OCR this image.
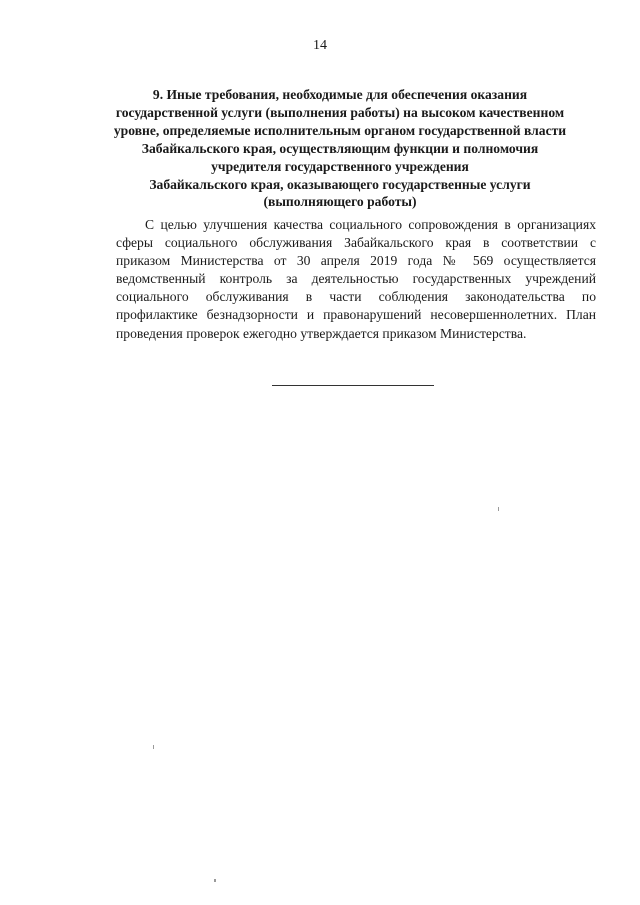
14
9. Иные требования, необходимые для обеспечения оказания
государственной услуги (выполнения работы) на высоком качественном
уровне, определяемые исполнительным органом государственной власти
Забайкальского края, осуществляющим функции и полномочия
учредителя государственного учреждения
Забайкальского края, оказывающего государственные услуги
(выполняющего работы)
С целью улучшения качества социального сопровождения в организациях
сферы социального обслуживания Забайкальского края в соответствии с
приказом Министерства от 30 апреля 2019 года № 569 осуществляется
ведомственный контроль за деятельностью государственных учреждений
социального обслуживания в части соблюдения законодательства по
профилактике безнадзорности и правонарушений несовершеннолетних. План
проведения проверок ежегодно утверждается приказом Министерства.
